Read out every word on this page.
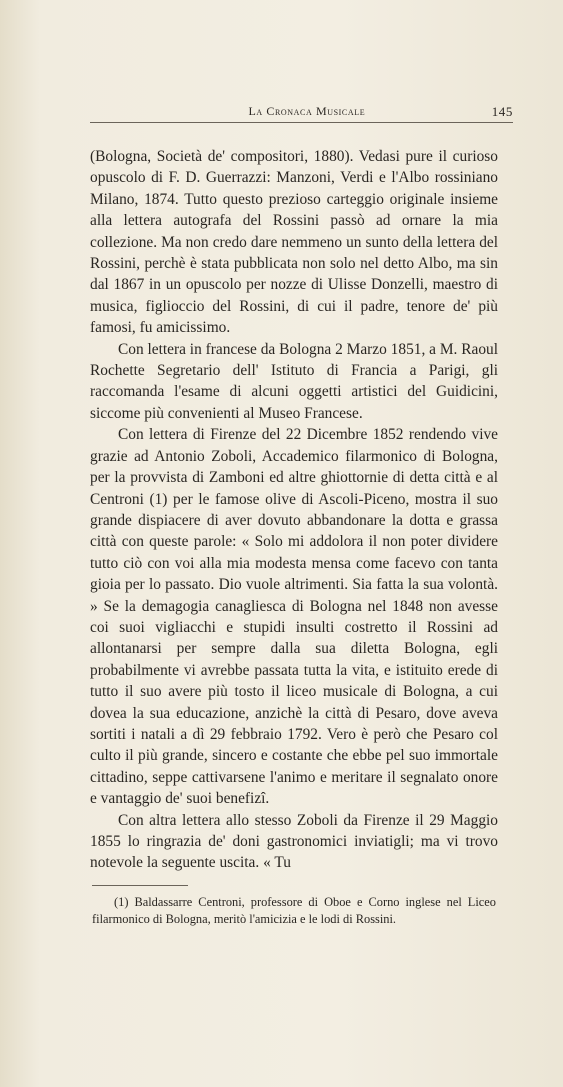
La Cronaca Musicale	145

(Bologna, Società de' compositori, 1880). Vedasi pure il curioso opuscolo di F. D. Guerrazzi: Manzoni, Verdi e l'Albo rossiniano Milano, 1874. Tutto questo prezioso carteggio originale insieme alla lettera autografa del Rossini passò ad ornare la mia collezione. Ma non credo dare nemmeno un sunto della lettera del Rossini, perchè è stata pubblicata non solo nel detto Albo, ma sin dal 1867 in un opuscolo per nozze di Ulisse Donzelli, maestro di musica, figlioccio del Rossini, di cui il padre, tenore de' più famosi, fu amicissimo.

Con lettera in francese da Bologna 2 Marzo 1851, a M. Raoul Rochette Segretario dell' Istituto di Francia a Parigi, gli raccomanda l'esame di alcuni oggetti artistici del Guidicini, siccome più convenienti al Museo Francese.

Con lettera di Firenze del 22 Dicembre 1852 rendendo vive grazie ad Antonio Zoboli, Accademico filarmonico di Bologna, per la provvista di Zamboni ed altre ghiottornie di detta città e al Centroni (1) per le famose olive di Ascoli-Piceno, mostra il suo grande dispiacere di aver dovuto abbandonare la dotta e grassa città con queste parole: « Solo mi addolora il non poter dividere tutto ciò con voi alla mia modesta mensa come facevo con tanta gioia per lo passato. Dio vuole altrimenti. Sia fatta la sua volontà. » Se la demagogia canagliesca di Bologna nel 1848 non avesse coi suoi vigliacchi e stupidi insulti costretto il Rossini ad allontanarsi per sempre dalla sua diletta Bologna, egli probabilmente vi avrebbe passata tutta la vita, e istituito erede di tutto il suo avere più tosto il liceo musicale di Bologna, a cui dovea la sua educazione, anzichè la città di Pesaro, dove aveva sortiti i natali a dì 29 febbraio 1792. Vero è però che Pesaro col culto il più grande, sincero e costante che ebbe pel suo immortale cittadino, seppe cattivarsene l'animo e meritare il segnalato onore e vantaggio de' suoi benefizî.

Con altra lettera allo stesso Zoboli da Firenze il 29 Maggio 1855 lo ringrazia de' doni gastronomici inviatigli; ma vi trovo notevole la seguente uscita. « Tu

(1) Baldassarre Centroni, professore di Oboe e Corno inglese nel Liceo filarmonico di Bologna, meritò l'amicizia e le lodi di Rossini.
